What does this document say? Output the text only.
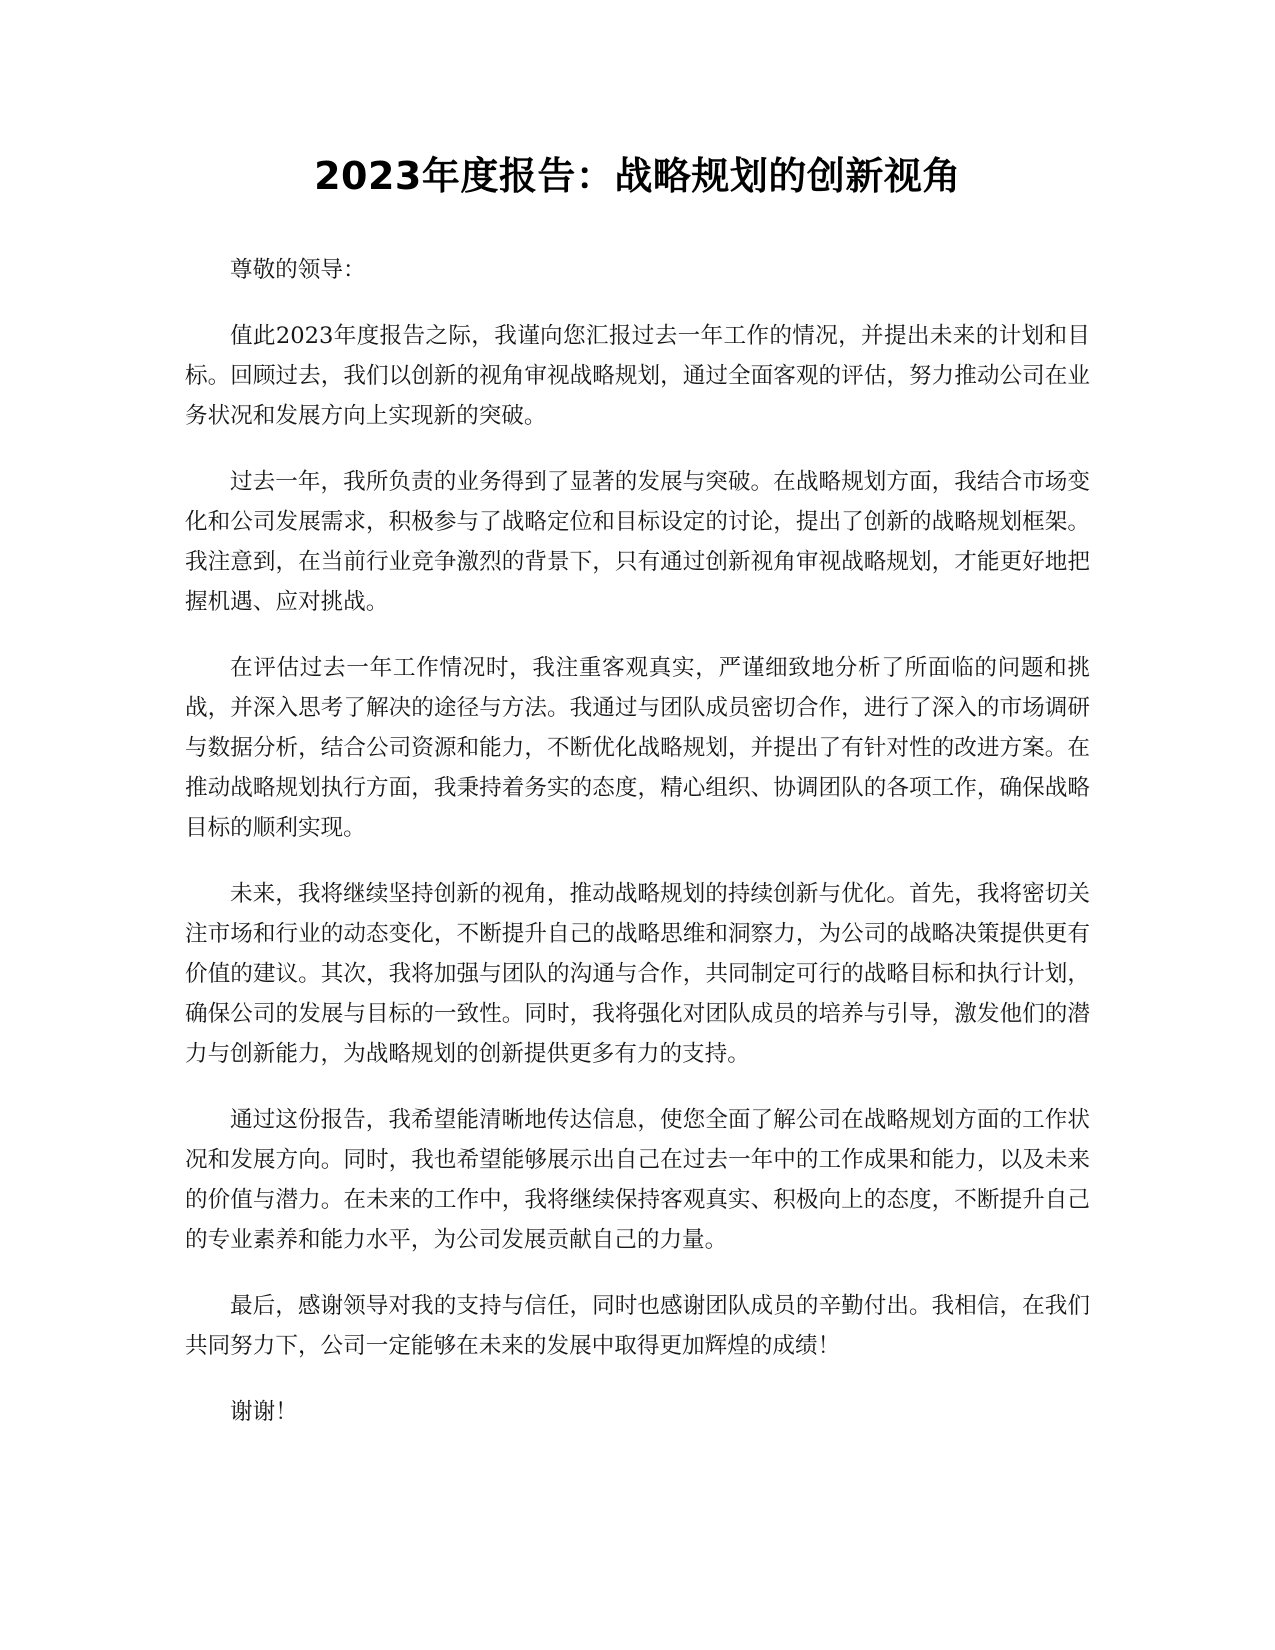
2023年度报告：战略规划的创新视角

尊敬的领导：

值此2023年度报告之际，我谨向您汇报过去一年工作的情况，并提出未来的计划和目标。回顾过去，我们以创新的视角审视战略规划，通过全面客观的评估，努力推动公司在业务状况和发展方向上实现新的突破。

过去一年，我所负责的业务得到了显著的发展与突破。在战略规划方面，我结合市场变化和公司发展需求，积极参与了战略定位和目标设定的讨论，提出了创新的战略规划框架。我注意到，在当前行业竞争激烈的背景下，只有通过创新视角审视战略规划，才能更好地把握机遇、应对挑战。

在评估过去一年工作情况时，我注重客观真实，严谨细致地分析了所面临的问题和挑战，并深入思考了解决的途径与方法。我通过与团队成员密切合作，进行了深入的市场调研与数据分析，结合公司资源和能力，不断优化战略规划，并提出了有针对性的改进方案。在推动战略规划执行方面，我秉持着务实的态度，精心组织、协调团队的各项工作，确保战略目标的顺利实现。

未来，我将继续坚持创新的视角，推动战略规划的持续创新与优化。首先，我将密切关注市场和行业的动态变化，不断提升自己的战略思维和洞察力，为公司的战略决策提供更有价值的建议。其次，我将加强与团队的沟通与合作，共同制定可行的战略目标和执行计划，确保公司的发展与目标的一致性。同时，我将强化对团队成员的培养与引导，激发他们的潜力与创新能力，为战略规划的创新提供更多有力的支持。

通过这份报告，我希望能清晰地传达信息，使您全面了解公司在战略规划方面的工作状况和发展方向。同时，我也希望能够展示出自己在过去一年中的工作成果和能力，以及未来的价值与潜力。在未来的工作中，我将继续保持客观真实、积极向上的态度，不断提升自己的专业素养和能力水平，为公司发展贡献自己的力量。

最后，感谢领导对我的支持与信任，同时也感谢团队成员的辛勤付出。我相信，在我们共同努力下，公司一定能够在未来的发展中取得更加辉煌的成绩！

谢谢！
